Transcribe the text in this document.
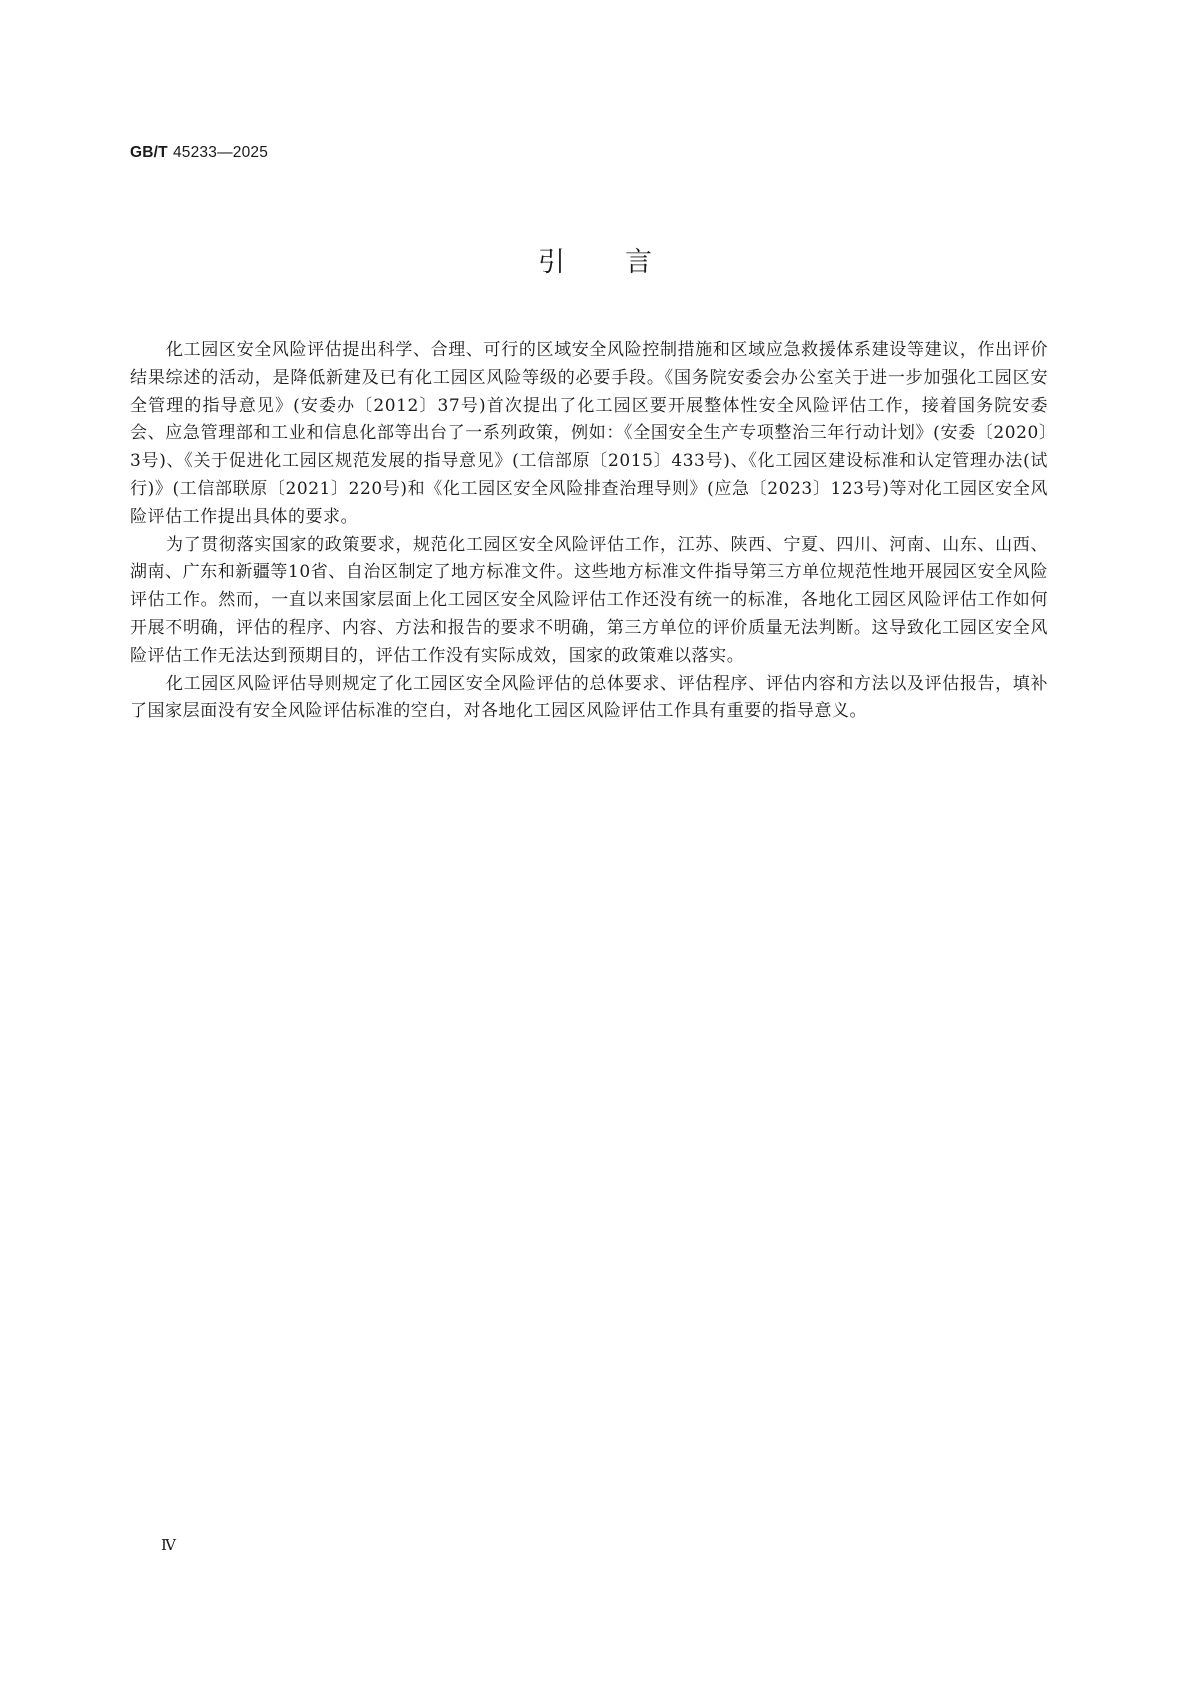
GB/T 45233—2025
引言

化工园区安全风险评估提出科学、合理、可行的区域安全风险控制措施和区域应急救援体系建设等建议，作出评价结果综述的活动，是降低新建及已有化工园区风险等级的必要手段。《国务院安委会办公室关于进一步加强化工园区安全管理的指导意见》(安委办〔2012〕37号)首次提出了化工园区要开展整体性安全风险评估工作，接着国务院安委会、应急管理部和工业和信息化部等出台了一系列政策，例如：《全国安全生产专项整治三年行动计划》(安委〔2020〕3号)、《关于促进化工园区规范发展的指导意见》(工信部原〔2015〕433号)、《化工园区建设标准和认定管理办法(试行)》(工信部联原〔2021〕220号)和《化工园区安全风险排查治理导则》(应急〔2023〕123号)等对化工园区安全风险评估工作提出具体的要求。

为了贯彻落实国家的政策要求，规范化工园区安全风险评估工作，江苏、陕西、宁夏、四川、河南、山东、山西、湖南、广东和新疆等10省、自治区制定了地方标准文件。这些地方标准文件指导第三方单位规范性地开展园区安全风险评估工作。然而，一直以来国家层面上化工园区安全风险评估工作还没有统一的标准，各地化工园区风险评估工作如何开展不明确，评估的程序、内容、方法和报告的要求不明确，第三方单位的评价质量无法判断。这导致化工园区安全风险评估工作无法达到预期目的，评估工作没有实际成效，国家的政策难以落实。

化工园区风险评估导则规定了化工园区安全风险评估的总体要求、评估程序、评估内容和方法以及评估报告，填补了国家层面没有安全风险评估标准的空白，对各地化工园区风险评估工作具有重要的指导意义。

Ⅳ
